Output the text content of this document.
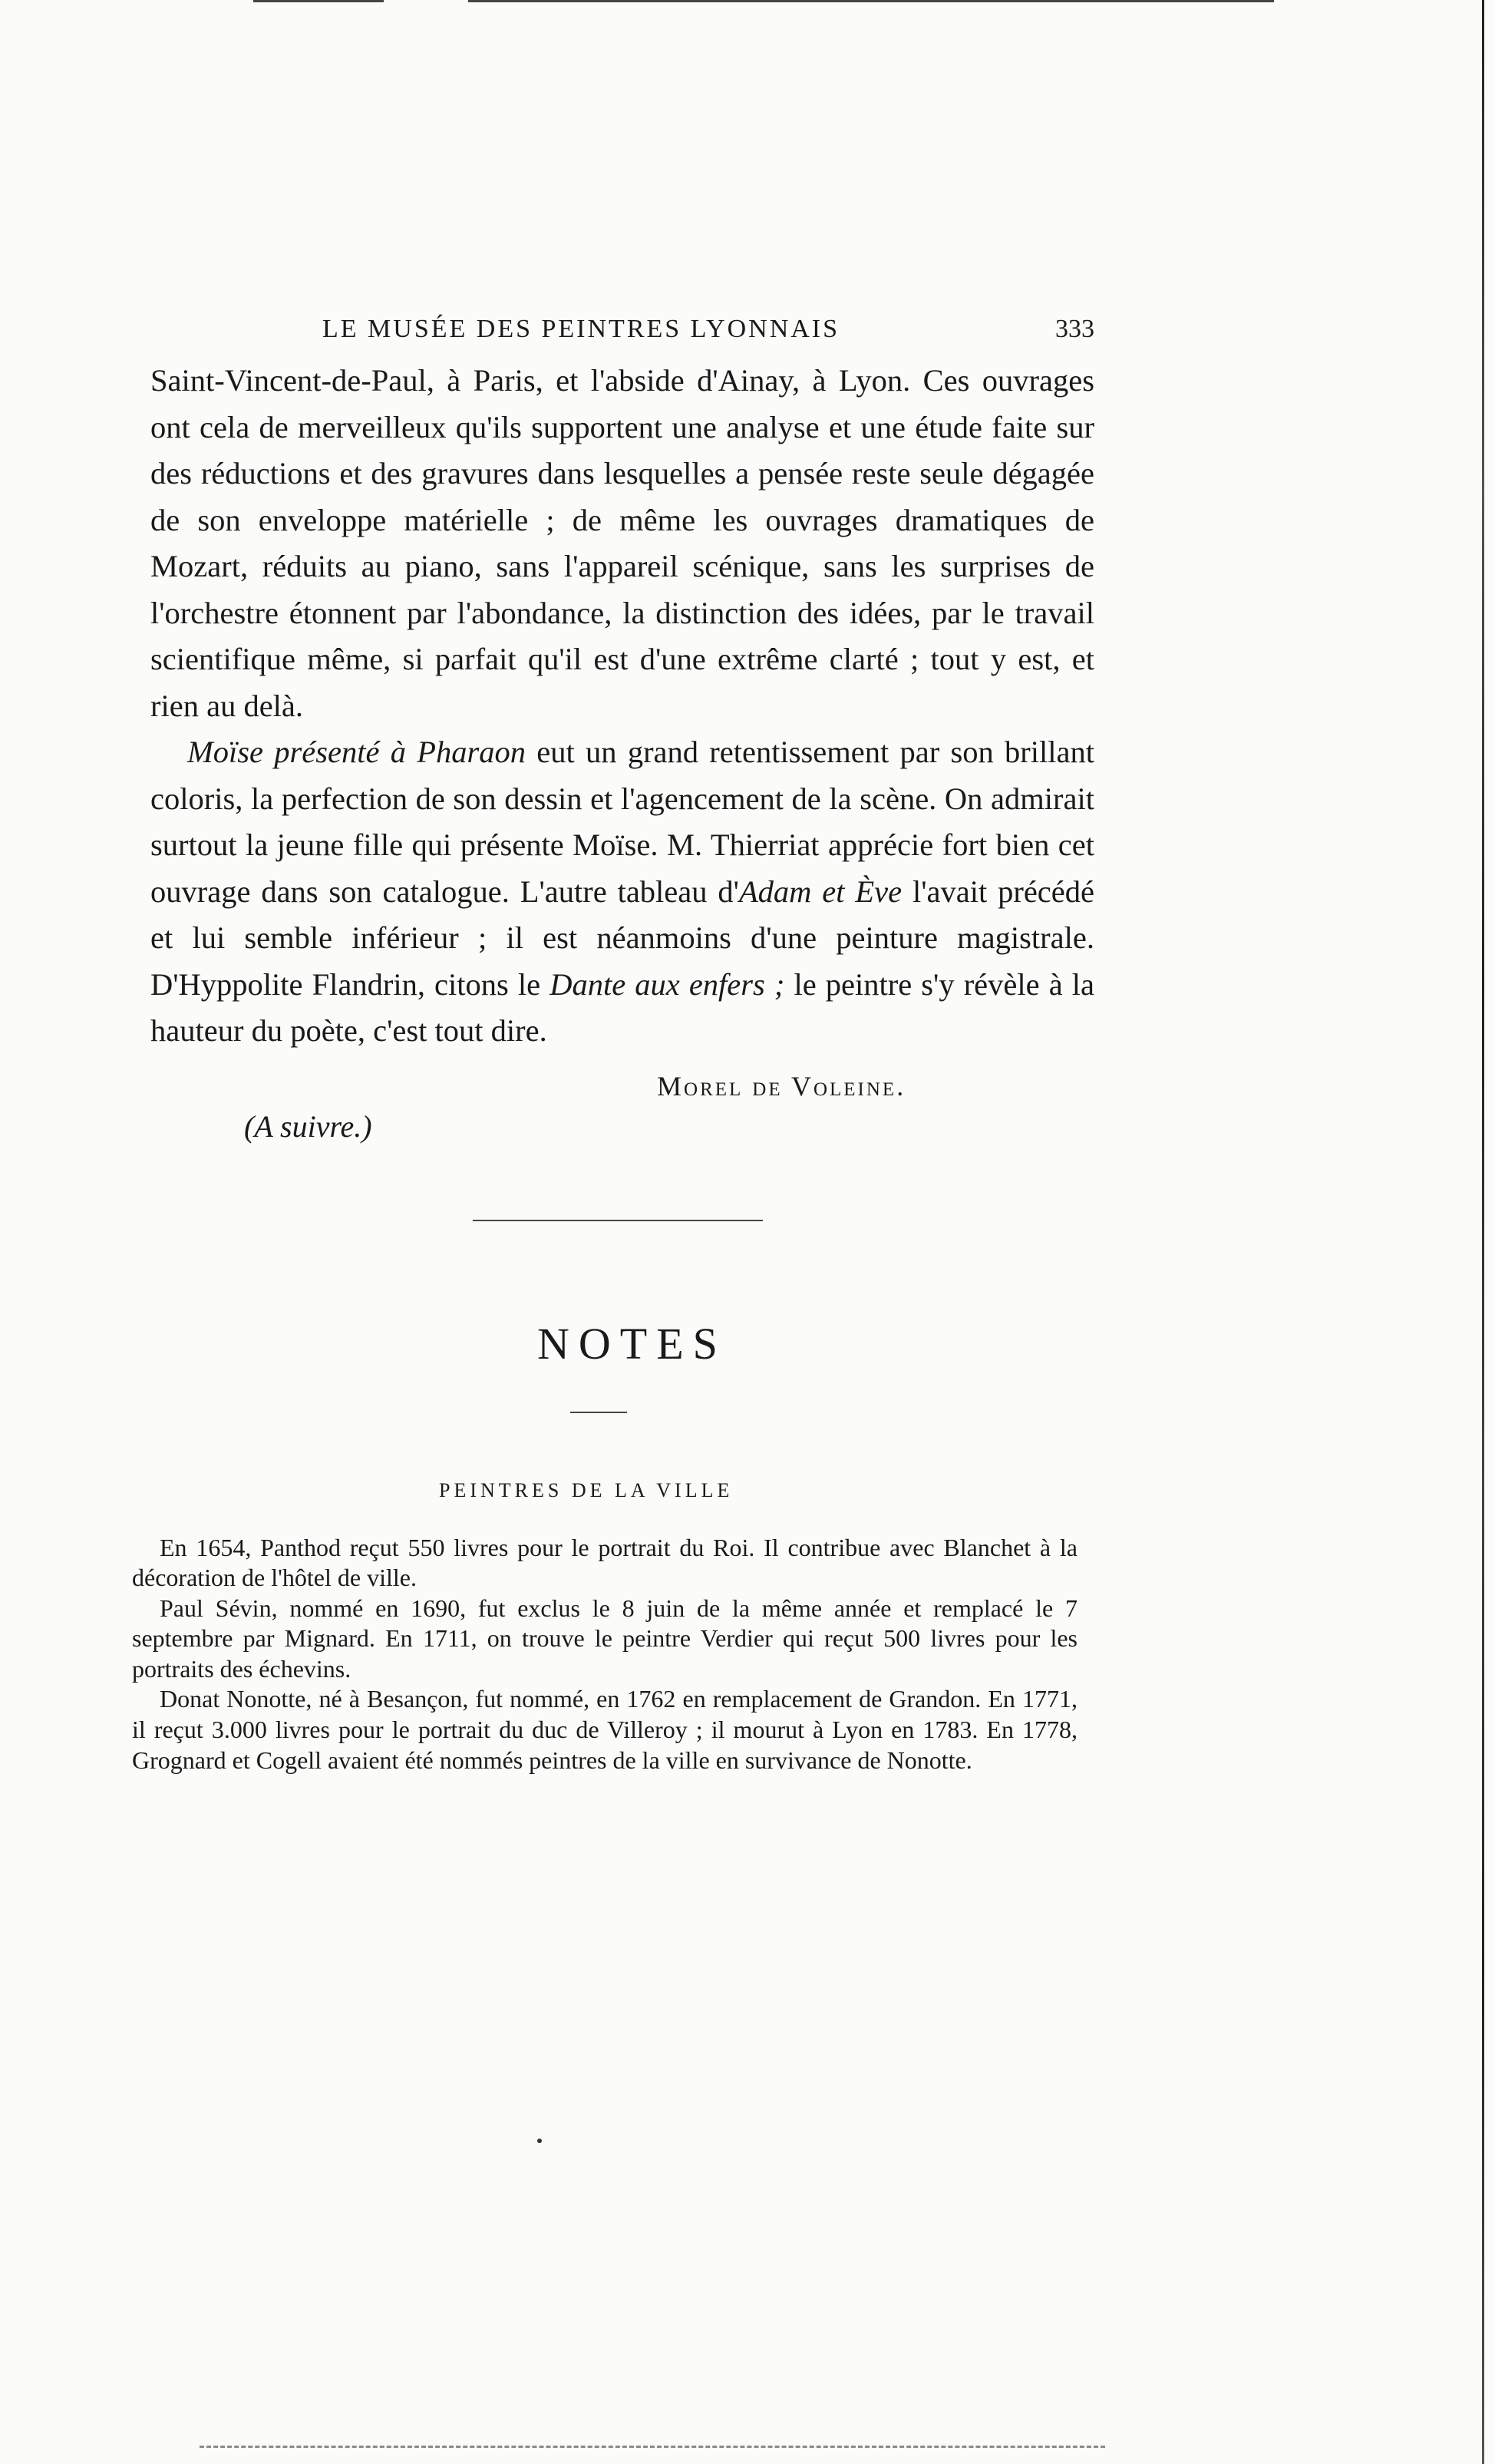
LE MUSÉE DES PEINTRES LYONNAIS	333

Saint-Vincent-de-Paul, à Paris, et l'abside d'Ainay, à Lyon. Ces ouvrages ont cela de merveilleux qu'ils supportent une analyse et une étude faite sur des réductions et des gravures dans lesquelles a pensée reste seule dégagée de son enveloppe matérielle ; de même les ouvrages dramatiques de Mozart, réduits au piano, sans l'appareil scénique, sans les surprises de l'orchestre étonnent par l'abondance, la distinction des idées, par le travail scientifique même, si parfait qu'il est d'une extrême clarté ; tout y est, et rien au delà.

Moïse présenté à Pharaon eut un grand retentissement par son brillant coloris, la perfection de son dessin et l'agencement de la scène. On admirait surtout la jeune fille qui présente Moïse. M. Thierriat apprécie fort bien cet ouvrage dans son catalogue. L'autre tableau d'Adam et Ève l'avait précédé et lui semble inférieur ; il est néanmoins d'une peinture magistrale. D'Hyppolite Flandrin, citons le Dante aux enfers ; le peintre s'y révèle à la hauteur du poète, c'est tout dire.

Morel de Voleine.
(A suivre.)
NOTES
PEINTRES DE LA VILLE

En 1654, Panthod reçut 550 livres pour le portrait du Roi. Il contribue avec Blanchet à la décoration de l'hôtel de ville.

Paul Sévin, nommé en 1690, fut exclus le 8 juin de la même année et remplacé le 7 septembre par Mignard. En 1711, on trouve le peintre Verdier qui reçut 500 livres pour les portraits des échevins.

Donat Nonotte, né à Besançon, fut nommé, en 1762 en remplacement de Grandon. En 1771, il reçut 3.000 livres pour le portrait du duc de Villeroy ; il mourut à Lyon en 1783. En 1778, Grognard et Cogell avaient été nommés peintres de la ville en survivance de Nonotte.
